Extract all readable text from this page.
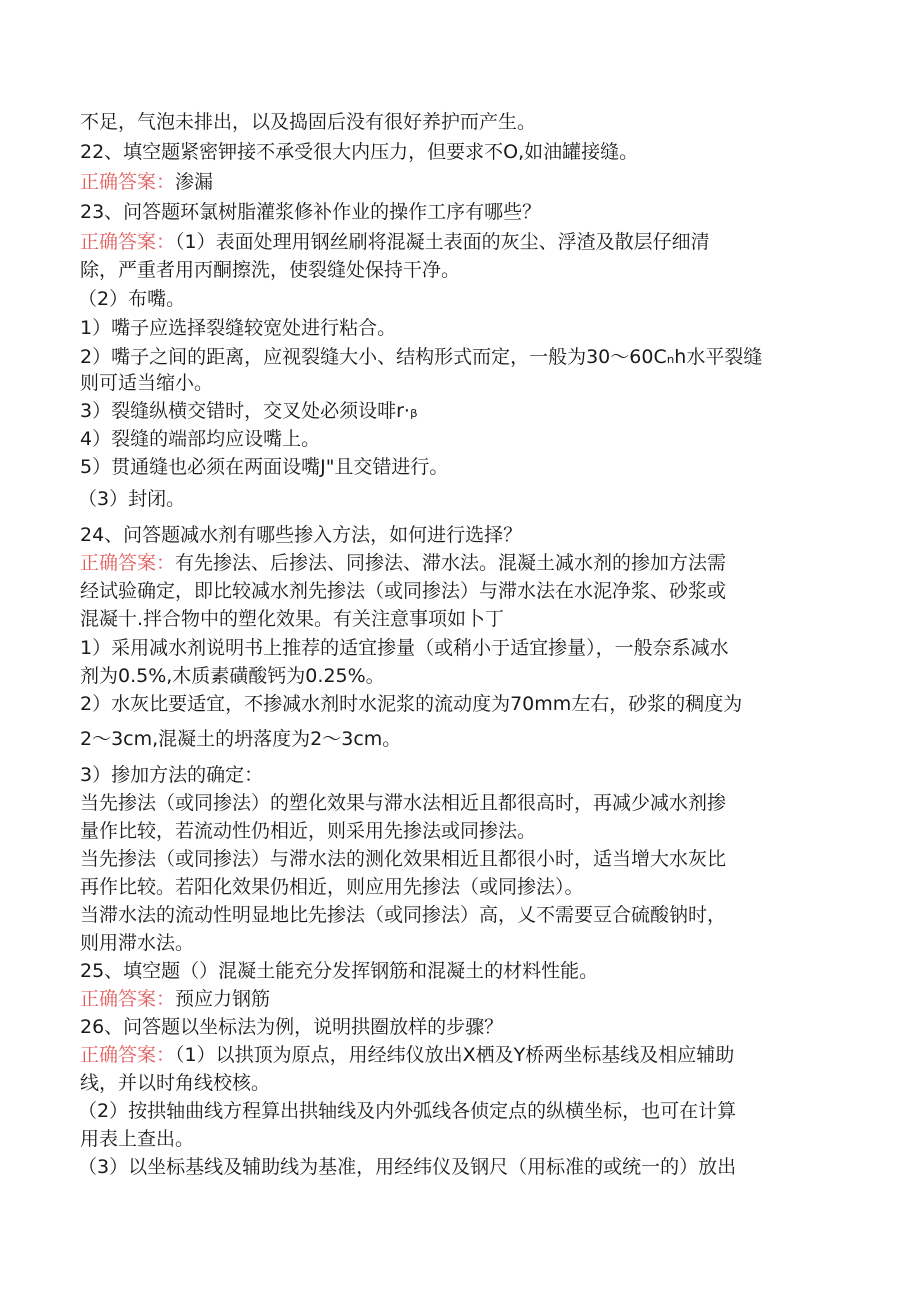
不足，气泡未排出，以及捣固后没有很好养护而产生。
22、填空题紧密钾接不承受很大内压力，但要求不O,如油罐接缝。
正确答案：渗漏
23、问答题环氯树脂灌浆修补作业的操作工序有哪些？
正确答案：（1）表面处理用钢丝刷将混凝土表面的灰尘、浮渣及散层仔细清
除，严重者用丙酮擦洗，使裂缝处保持干净。
（2）布嘴。
1）嘴子应选择裂缝较宽处进行粘合。
2）嘴子之间的距离，应视裂缝大小、结构形式而定，一般为30～60Cₙh水平裂缝
则可适当缩小。
3）裂缝纵横交错时，交叉处必须设啡r·ᵦ
4）裂缝的端部均应设嘴上。
5）贯通缝也必须在两面设嘴J"且交错进行。
（3）封闭。
24、问答题减水剂有哪些掺入方法，如何进行选择？
正确答案：有先掺法、后掺法、同掺法、滞水法。混凝土减水剂的掺加方法需
经试验确定，即比较减水剂先掺法（或同掺法）与滞水法在水泥净浆、砂浆或
混凝十.拌合物中的塑化效果。有关注意事项如卜丁
1）采用减水剂说明书上推荐的适宜掺量（或稍小于适宜掺量），一般奈系减水
剂为0.5%,木质素磺酸钙为0.25%。
2）水灰比要适宜，不掺减水剂时水泥浆的流动度为70mm左右，砂浆的稠度为
2～3cm,混凝土的坍落度为2～3cm。
3）掺加方法的确定：
当先掺法（或同掺法）的塑化效果与滞水法相近且都很高时，再减少减水剂掺
量作比较，若流动性仍相近，则采用先掺法或同掺法。
当先掺法（或同掺法）与滞水法的测化效果相近且都很小时，适当增大水灰比
再作比较。若阳化效果仍相近，则应用先掺法（或同掺法）。
当滞水法的流动性明显地比先掺法（或同掺法）高，乂不需要豆合硫酸钠时，
则用滞水法。
25、填空题（）混凝土能充分发挥钢筋和混凝土的材料性能。
正确答案：预应力钢筋
26、问答题以坐标法为例，说明拱圈放样的步骤？
正确答案：（1）以拱顶为原点，用经纬仪放出X栖及Y桥两坐标基线及相应辅助
线，并以时角线校核。
（2）按拱轴曲线方程算出拱轴线及内外弧线各侦定点的纵横坐标，也可在计算
用表上查出。
（3）以坐标基线及辅助线为基准，用经纬仪及钢尺（用标准的或统一的）放出
